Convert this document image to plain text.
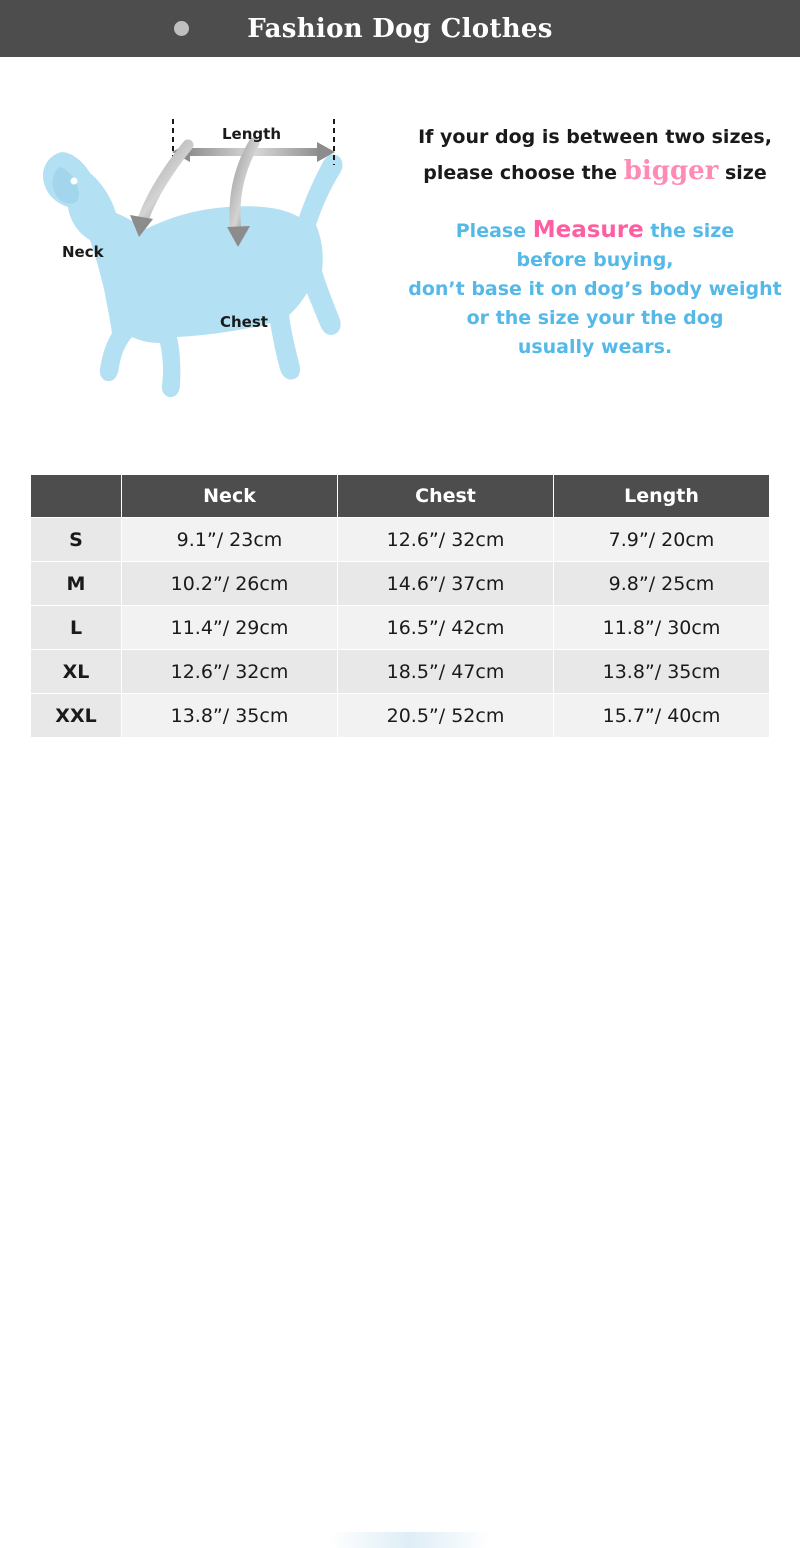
Fashion Dog Clothes
Length
Neck
Chest
If your dog is between two sizes,
please choose the bigger size
Please Measure the size
before buying,
don’t base it on dog’s body weight
or the size your the dog
usually wears.
	Neck	Chest	Length
S	9.1”/ 23cm	12.6”/ 32cm	7.9”/ 20cm
M	10.2”/ 26cm	14.6”/ 37cm	9.8”/ 25cm
L	11.4”/ 29cm	16.5”/ 42cm	11.8”/ 30cm
XL	12.6”/ 32cm	18.5”/ 47cm	13.8”/ 35cm
XXL	13.8”/ 35cm	20.5”/ 52cm	15.7”/ 40cm
